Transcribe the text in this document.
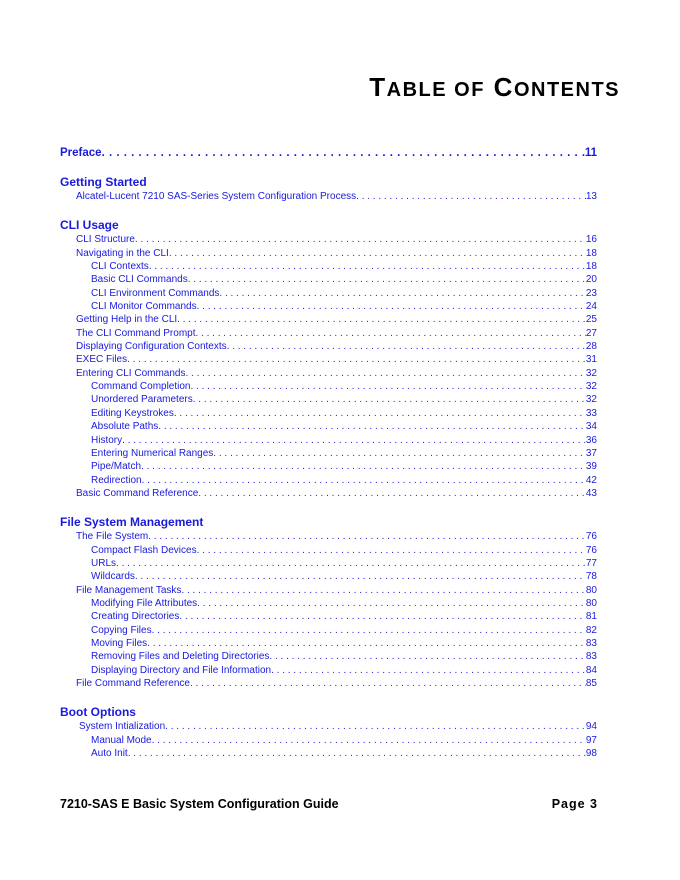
TABLE OF CONTENTS
Preface . . .	11
Getting Started
Alcatel-Lucent 7210 SAS-Series System Configuration Process . . .	13
CLI Usage
CLI Structure . . .	16
Navigating in the CLI . . .	18
CLI Contexts . . .	18
Basic CLI Commands . . .	20
CLI Environment Commands . . .	23
CLI Monitor Commands . . .	24
Getting Help in the CLI . . .	25
The CLI Command Prompt . . .	27
Displaying Configuration Contexts . . .	28
EXEC Files . . .	31
Entering CLI Commands . . .	32
Command Completion . . .	32
Unordered Parameters . . .	32
Editing Keystrokes . . .	33
Absolute Paths . . .	34
History . . .	36
Entering Numerical Ranges . . .	37
Pipe/Match . . .	39
Redirection . . .	42
Basic Command Reference . . .	43
File System Management
The File System . . .	76
Compact Flash Devices . . .	76
URLs . . .	77
Wildcards . . .	78
File Management Tasks . . .	80
Modifying File Attributes . . .	80
Creating Directories . . .	81
Copying Files . . .	82
Moving Files . . .	83
Removing Files and Deleting Directories . . .	83
Displaying Directory and File Information . . .	84
File Command Reference . . .	85
Boot Options
System Intialization . . .	94
Manual Mode . . .	97
Auto Init . . .	98
7210-SAS E Basic System Configuration Guide	Page 3
